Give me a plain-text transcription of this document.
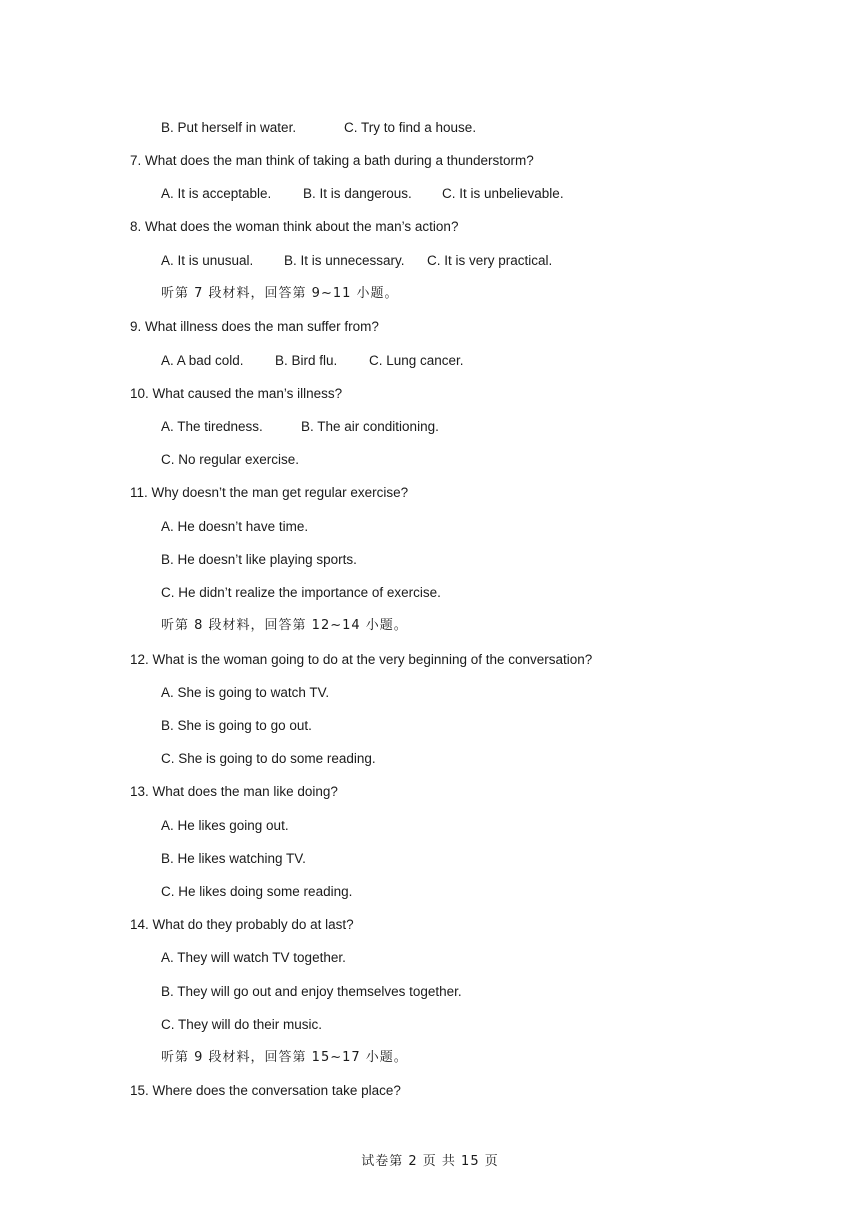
B. Put herself in water.	C. Try to find a house.
7. What does the man think of taking a bath during a thunderstorm?
A. It is acceptable. B. It is dangerous. C. It is unbelievable.
8. What does the woman think about the man’s action?
A. It is unusual. B. It is unnecessary. C. It is very practical.
听第 7 段材料，回答第 9~11 小题。
9. What illness does the man suffer from?
A. A bad cold. B. Bird flu. C. Lung cancer.
10. What caused the man’s illness?
A. The tiredness.	B. The air conditioning.
C. No regular exercise.
11. Why doesn’t the man get regular exercise?
A. He doesn’t have time.
B. He doesn’t like playing sports.
C. He didn’t realize the importance of exercise.
听第 8 段材料，回答第 12~14 小题。
12. What is the woman going to do at the very beginning of the conversation?
A. She is going to watch TV.
B. She is going to go out.
C. She is going to do some reading.
13. What does the man like doing?
A. He likes going out.
B. He likes watching TV.
C. He likes doing some reading.
14. What do they probably do at last?
A. They will watch TV together.
B. They will go out and enjoy themselves together.
C. They will do their music.
听第 9 段材料，回答第 15~17 小题。
15. Where does the conversation take place?
试卷第 2 页 共 15 页
